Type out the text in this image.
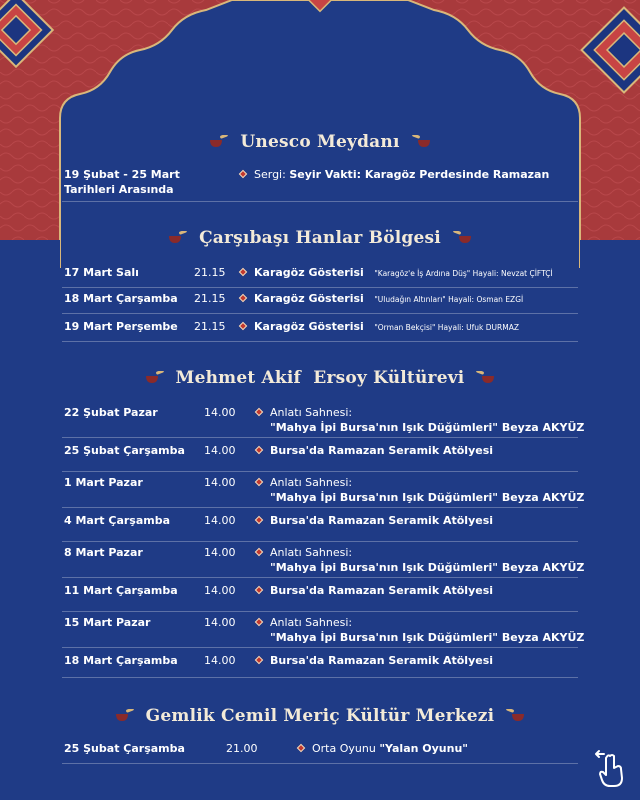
Unesco Meydanı
19 Şubat - 25 Mart
Tarihleri Arasında
Sergi: Seyir Vakti: Karagöz Perdesinde Ramazan
Çarşıbaşı Hanlar Bölgesi
17 Mart Salı	21.15	Karagöz Gösterisi "Karagöz'e İş Ardına Düş" Hayali: Nevzat ÇİFTÇİ
18 Mart Çarşamba 21.15	Karagöz Gösterisi "Uludağın Altınları" Hayali: Osman EZGİ
19 Mart Perşembe 21.15	Karagöz Gösterisi "Orman Bekçisi" Hayali: Ufuk DURMAZ
Mehmet Akif  Ersoy Kültürevi
22 Şubat Pazar	14.00	Anlatı Sahnesi:
"Mahya İpi Bursa'nın Işık Düğümleri" Beyza AKYÜZ
25 Şubat Çarşamba 14.00	Bursa'da Ramazan Seramik Atölyesi
1 Mart Pazar	14.00	Anlatı Sahnesi:
"Mahya İpi Bursa'nın Işık Düğümleri" Beyza AKYÜZ
4 Mart Çarşamba	14.00	Bursa'da Ramazan Seramik Atölyesi
8 Mart Pazar	14.00	Anlatı Sahnesi:
"Mahya İpi Bursa'nın Işık Düğümleri" Beyza AKYÜZ
11 Mart Çarşamba 14.00	Bursa'da Ramazan Seramik Atölyesi
15 Mart Pazar	14.00	Anlatı Sahnesi:
"Mahya İpi Bursa'nın Işık Düğümleri" Beyza AKYÜZ
18 Mart Çarşamba 14.00	Bursa'da Ramazan Seramik Atölyesi
Gemlik Cemil Meriç Kültür Merkezi
25 Şubat Çarşamba	21.00	Orta Oyunu "Yalan Oyunu"
